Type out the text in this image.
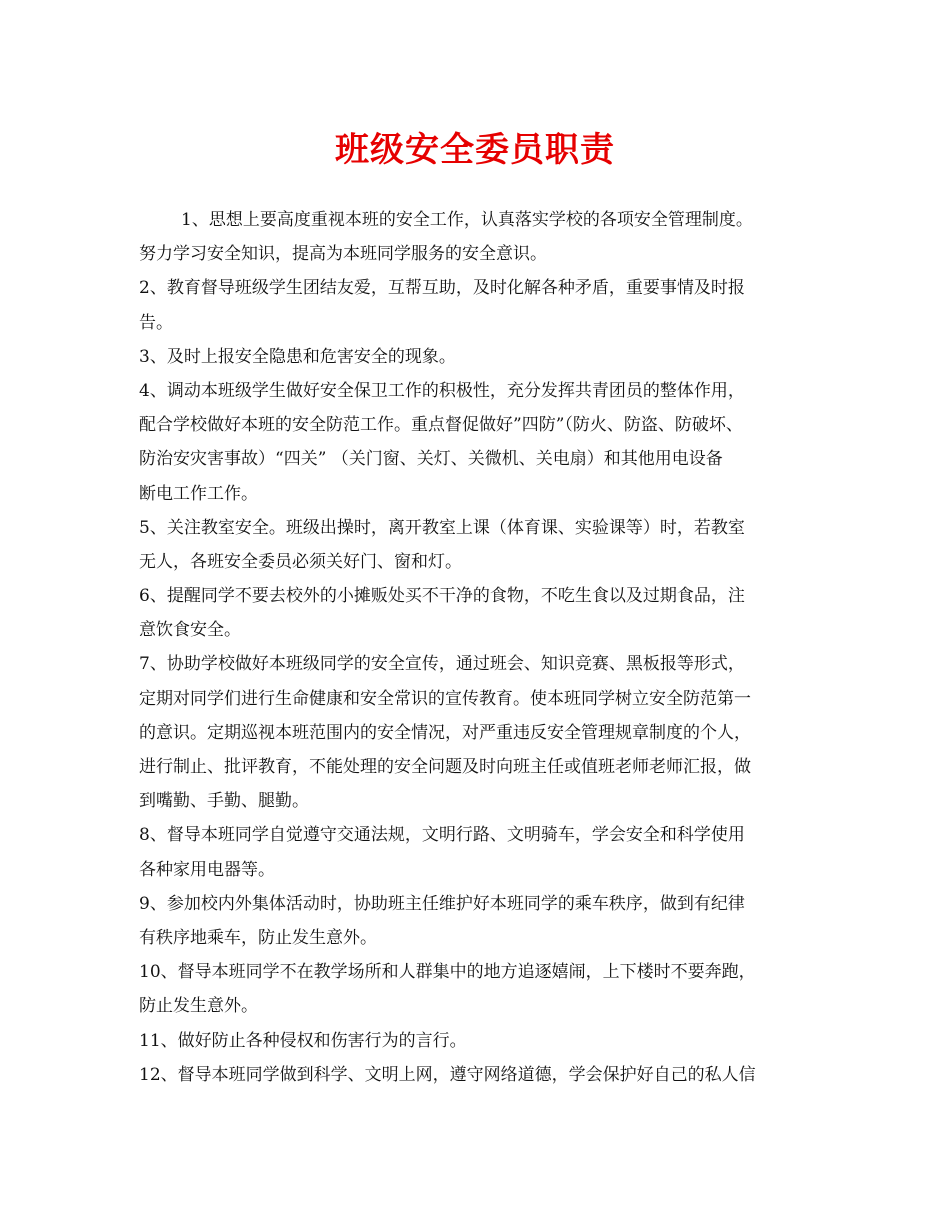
班级安全委员职责
1、思想上要高度重视本班的安全工作，认真落实学校的各项安全管理制度。
努力学习安全知识，提高为本班同学服务的安全意识。
2、教育督导班级学生团结友爱，互帮互助，及时化解各种矛盾，重要事情及时报
告。
3、及时上报安全隐患和危害安全的现象。
4、调动本班级学生做好安全保卫工作的积极性，充分发挥共青团员的整体作用，
配合学校做好本班的安全防范工作。重点督促做好”四防”（防火、防盗、防破坏、
防治安灾害事故）“四关” （关门窗、关灯、关微机、关电扇）和其他用电设备
断电工作工作。
5、关注教室安全。班级出操时，离开教室上课（体育课、实验课等）时，若教室
无人，各班安全委员必须关好门、窗和灯。
6、提醒同学不要去校外的小摊贩处买不干净的食物，不吃生食以及过期食品，注
意饮食安全。
7、协助学校做好本班级同学的安全宣传，通过班会、知识竞赛、黑板报等形式，
定期对同学们进行生命健康和安全常识的宣传教育。使本班同学树立安全防范第一
的意识。定期巡视本班范围内的安全情况，对严重违反安全管理规章制度的个人，
进行制止、批评教育，不能处理的安全问题及时向班主任或值班老师老师汇报，做
到嘴勤、手勤、腿勤。
8、督导本班同学自觉遵守交通法规，文明行路、文明骑车，学会安全和科学使用
各种家用电器等。
9、参加校内外集体活动时，协助班主任维护好本班同学的乘车秩序，做到有纪律
有秩序地乘车，防止发生意外。
10、督导本班同学不在教学场所和人群集中的地方追逐嬉闹，上下楼时不要奔跑，
防止发生意外。
11、做好防止各种侵权和伤害行为的言行。
12、督导本班同学做到科学、文明上网，遵守网络道德，学会保护好自己的私人信
